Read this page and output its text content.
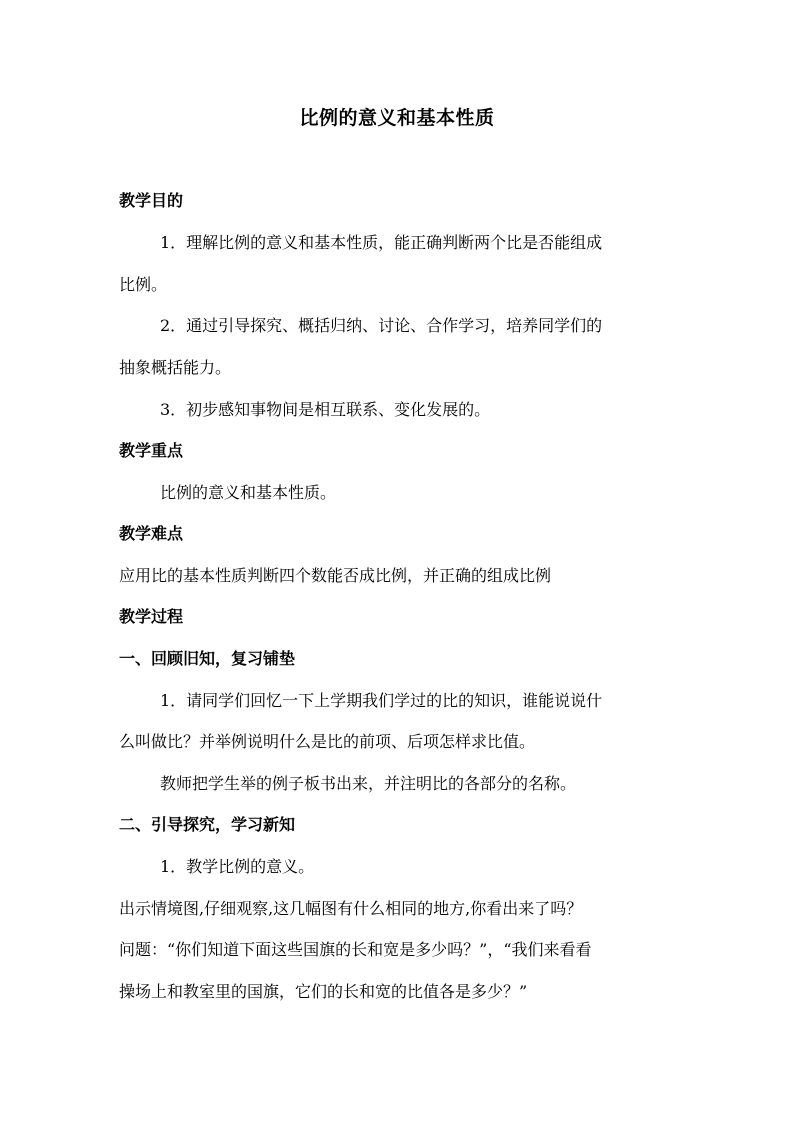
比例的意义和基本性质
教学目的
1．理解比例的意义和基本性质，能正确判断两个比是否能组成
比例。
2．通过引导探究、概括归纳、讨论、合作学习，培养同学们的
抽象概括能力。
3．初步感知事物间是相互联系、变化发展的。
教学重点
比例的意义和基本性质。
教学难点
应用比的基本性质判断四个数能否成比例，并正确的组成比例
教学过程
一、回顾旧知，复习铺垫
1．请同学们回忆一下上学期我们学过的比的知识，谁能说说什
么叫做比？并举例说明什么是比的前项、后项怎样求比值。
教师把学生举的例子板书出来，并注明比的各部分的名称。
二、引导探究，学习新知
1．教学比例的意义。
出示情境图,仔细观察,这几幅图有什么相同的地方,你看出来了吗？
问题：“你们知道下面这些国旗的长和宽是多少吗？”，“我们来看看
操场上和教室里的国旗，它们的长和宽的比值各是多少？”
